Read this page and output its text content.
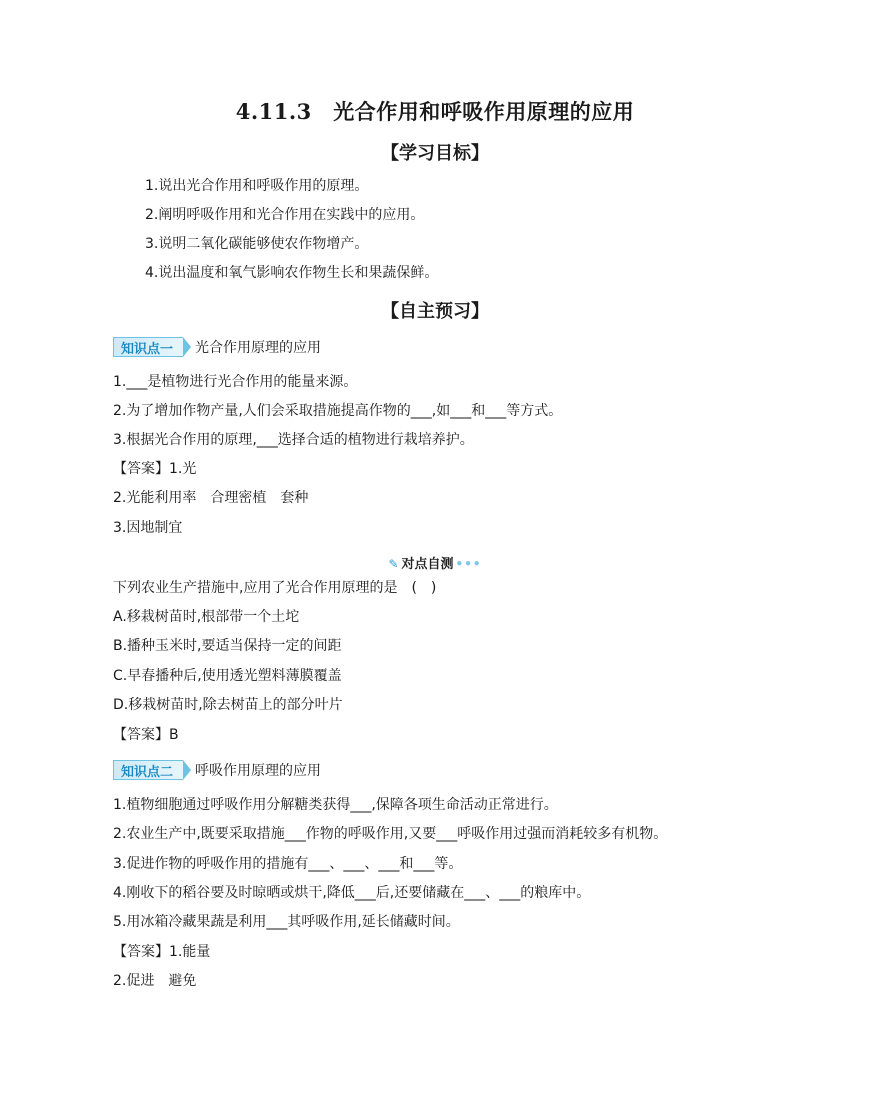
4.11.3　光合作用和呼吸作用原理的应用
【学习目标】
1.说出光合作用和呼吸作用的原理。
2.阐明呼吸作用和光合作用在实践中的应用。
3.说明二氧化碳能够使农作物增产。
4.说出温度和氧气影响农作物生长和果蔬保鲜。
【自主预习】
知识点一 光合作用原理的应用
1.___是植物进行光合作用的能量来源。
2.为了增加作物产量,人们会采取措施提高作物的___,如___和___等方式。
3.根据光合作用的原理,___选择合适的植物进行栽培养护。
【答案】1.光
2.光能利用率　合理密植　套种
3.因地制宜
✎ 对点自测 •••
下列农业生产措施中,应用了光合作用原理的是　(　)
A.移栽树苗时,根部带一个土坨
B.播种玉米时,要适当保持一定的间距
C.早春播种后,使用透光塑料薄膜覆盖
D.移栽树苗时,除去树苗上的部分叶片
【答案】B
知识点二 呼吸作用原理的应用
1.植物细胞通过呼吸作用分解糖类获得___,保障各项生命活动正常进行。
2.农业生产中,既要采取措施___作物的呼吸作用,又要___呼吸作用过强而消耗较多有机物。
3.促进作物的呼吸作用的措施有___、___、___和___等。
4.刚收下的稻谷要及时晾晒或烘干,降低___后,还要储藏在___、___的粮库中。
5.用冰箱冷藏果蔬是利用___其呼吸作用,延长储藏时间。
【答案】1.能量
2.促进　避免
